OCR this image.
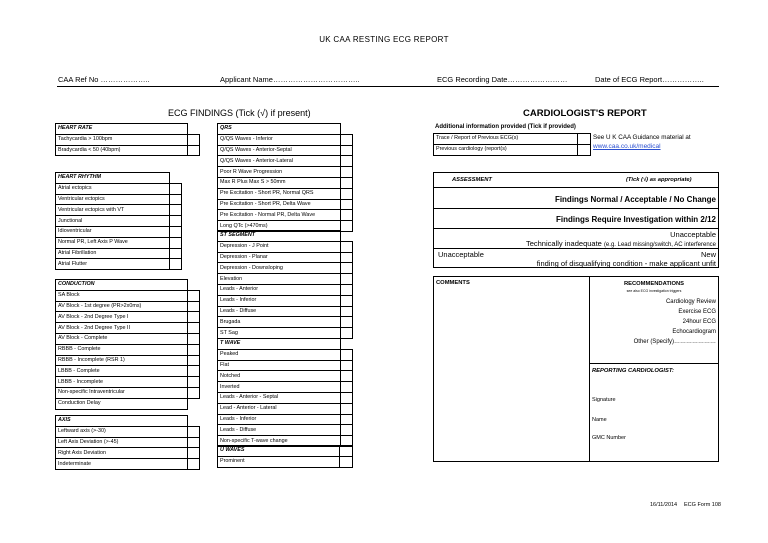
UK CAA RESTING ECG REPORT
CAA Ref No ………………..	Applicant Name……………………………..	ECG Recording Date……………………	Date of ECG Report……………..
ECG FINDINGS (Tick (√) if present)	CARDIOLOGIST'S REPORT
HEART RATE	
Tachycardia > 100bpm	
Bradycardia < 50 (40bpm)	
HEART RHYTHM	
Atrial ectopics	
Ventricular ectopics	
Ventricular ectopics with VT	
Junctional	
Idioventricular	
Normal PR, Left Axis P Wave	
Atrial Fibrillation	
Atrial Flutter	
CONDUCTION	
SA Block	
AV Block - 1st degree (PR>2x0ms)	
AV Block - 2nd Degree Type I	
AV Block - 2nd Degree Type II	
AV Block - Complete	
RBBB - Complete	
RBBB - Incomplete (RSR 1)	
LBBB - Complete	
LBBB - Incomplete	
Non-specific Intraventricular	
Conduction Delay	
AXIS	
Leftward axis (>-30)	
Left Axis Deviation (>-45)	
Right Axis Deviation	
Indeterminate	
QRS	
Q/QS Waves - Inferior	
Q/QS Waves - Anterior-Septal	
Q/QS Waves - Anterior-Lateral	
Poor R Wave Progression	
Max R Plus Max S > 50mm	
Pre Excitation - Short PR, Normal QRS	
Pre Excitation - Short PR, Delta Wave	
Pre Excitation - Normal PR, Delta Wave	
Long QTc (>470ms)	
ST SEGMENT	
Depression - J Point	
Depression - Planar	
Depression - Downsloping	
Elevation	
Leads - Anterior	
Leads - Inferior	
Leads - Diffuse	
Brugada	
ST Sag	
T WAVE	
Peaked	
Flat	
Notched	
Inverted	
Leads - Anterior - Septal	
Lead - Anterior - Lateral	
Leads - Inferior	
Leads - Diffuse	
Non-specific T-wave change	
U WAVES	
Prominent	
Additional information provided (Tick if provided)
Trace / Report of Previous ECG(s)	
Previous cardiology (report(s)	
See U K CAA Guidance material at
www.caa.co.uk/medical
ASSESSMENT	(Tick (√) as appropriate)
Findings Normal / Acceptable / No Change
Findings Require Investigation within 2/12
Unacceptable
Technically inadequate (e.g. Lead missing/switch, AC interference
Unacceptable	New
finding of disqualifying condition - make applicant unfit
COMMENTS	RECOMMENDATIONS
see also ECG investigation triggers
Cardiology Review
Exercise ECG
24hour ECG
Echocardiogram
Other (Specify)…………………
REPORTING CARDIOLOGIST:
Signature
Name
GMC Number
16/11/2014 ECG Form 108
